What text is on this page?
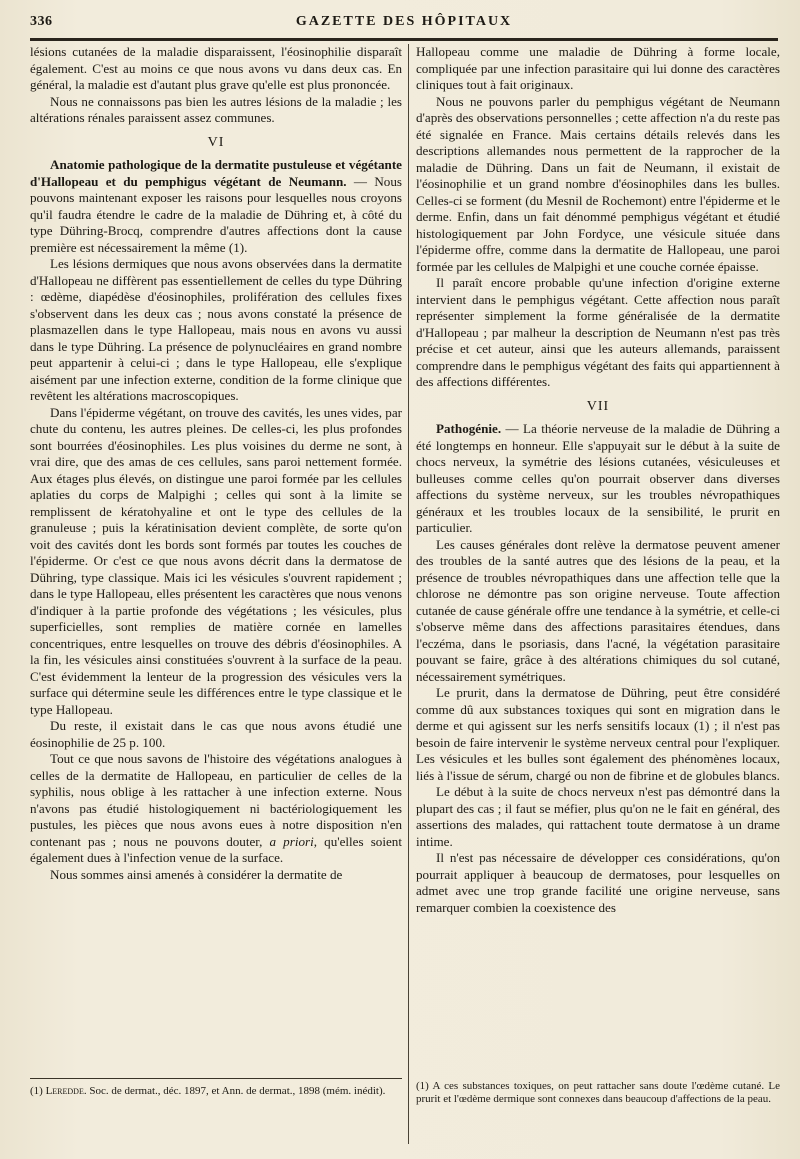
336	GAZETTE DES HÔPITAUX

lésions cutanées de la maladie disparaissent, l'éosinophilie disparaît également. C'est au moins ce que nous avons vu dans deux cas. En général, la maladie est d'autant plus grave qu'elle est plus prononcée.

Nous ne connaissons pas bien les autres lésions de la maladie ; les altérations rénales paraissent assez communes.

VI

Anatomie pathologique de la dermatite pustuleuse et végétante d'Hallopeau et du pemphigus végétant de Neumann. — Nous pouvons maintenant exposer les raisons pour lesquelles nous croyons qu'il faudra étendre le cadre de la maladie de Dühring et, à côté du type Dühring-Brocq, comprendre d'autres affections dont la cause première est nécessairement la même (1).

Les lésions dermiques que nous avons observées dans la dermatite d'Hallopeau ne diffèrent pas essentiellement de celles du type Dühring : œdème, diapédèse d'éosinophiles, prolifération des cellules fixes s'observent dans les deux cas ; nous avons constaté la présence de plasmazellen dans le type Hallopeau, mais nous en avons vu aussi dans le type Dühring. La présence de polynucléaires en grand nombre peut appartenir à celui-ci ; dans le type Hallopeau, elle s'explique aisément par une infection externe, condition de la forme clinique que revêtent les altérations macroscopiques.

Dans l'épiderme végétant, on trouve des cavités, les unes vides, par chute du contenu, les autres pleines. De celles-ci, les plus profondes sont bourrées d'éosinophiles. Les plus voisines du derme ne sont, à vrai dire, que des amas de ces cellules, sans paroi nettement formée. Aux étages plus élevés, on distingue une paroi formée par les cellules aplaties du corps de Malpighi ; celles qui sont à la limite se remplissent de kératohyaline et ont le type des cellules de la granuleuse ; puis la kératinisation devient complète, de sorte qu'on voit des cavités dont les bords sont formés par toutes les couches de l'épiderme. Or c'est ce que nous avons décrit dans la dermatose de Dühring, type classique. Mais ici les vésicules s'ouvrent rapidement ; dans le type Hallopeau, elles présentent les caractères que nous venons d'indiquer à la partie profonde des végétations ; les vésicules, plus superficielles, sont remplies de matière cornée en lamelles concentriques, entre lesquelles on trouve des débris d'éosinophiles. A la fin, les vésicules ainsi constituées s'ouvrent à la surface de la peau. C'est évidemment la lenteur de la progression des vésicules vers la surface qui détermine seule les différences entre le type classique et le type Hallopeau.

Du reste, il existait dans le cas que nous avons étudié une éosinophilie de 25 p. 100.

Tout ce que nous savons de l'histoire des végétations analogues à celles de la dermatite de Hallopeau, en particulier de celles de la syphilis, nous oblige à les rattacher à une infection externe. Nous n'avons pas étudié histologiquement ni bactériologiquement les pustules, les pièces que nous avons eues à notre disposition n'en contenant pas ; nous ne pouvons douter, a priori, qu'elles soient également dues à l'infection venue de la surface.

Nous sommes ainsi amenés à considérer la dermatite de

Hallopeau comme une maladie de Dühring à forme locale, compliquée par une infection parasitaire qui lui donne des caractères cliniques tout à fait originaux.

Nous ne pouvons parler du pemphigus végétant de Neumann d'après des observations personnelles ; cette affection n'a du reste pas été signalée en France. Mais certains détails relevés dans les descriptions allemandes nous permettent de la rapprocher de la maladie de Dühring. Dans un fait de Neumann, il existait de l'éosinophilie et un grand nombre d'éosinophiles dans les bulles. Celles-ci se forment (du Mesnil de Rochemont) entre l'épiderme et le derme. Enfin, dans un fait dénommé pemphigus végétant et étudié histologiquement par John Fordyce, une vésicule située dans l'épiderme offre, comme dans la dermatite de Hallopeau, une paroi formée par les cellules de Malpighi et une couche cornée épaisse.

Il paraît encore probable qu'une infection d'origine externe intervient dans le pemphigus végétant. Cette affection nous paraît représenter simplement la forme généralisée de la dermatite d'Hallopeau ; par malheur la description de Neumann n'est pas très précise et cet auteur, ainsi que les auteurs allemands, paraissent comprendre dans le pemphigus végétant des faits qui appartiennent à des affections différentes.

VII

Pathogénie. — La théorie nerveuse de la maladie de Dühring a été longtemps en honneur. Elle s'appuyait sur le début à la suite de chocs nerveux, la symétrie des lésions cutanées, vésiculeuses et bulleuses comme celles qu'on pourrait observer dans diverses affections du système nerveux, sur les troubles névropathiques généraux et les troubles locaux de la sensibilité, le prurit en particulier.

Les causes générales dont relève la dermatose peuvent amener des troubles de la santé autres que des lésions de la peau, et la présence de troubles névropathiques dans une affection telle que la chlorose ne démontre pas son origine nerveuse. Toute affection cutanée de cause générale offre une tendance à la symétrie, et celle-ci s'observe même dans des affections parasitaires étendues, dans l'eczéma, dans le psoriasis, dans l'acné, la végétation parasitaire pouvant se faire, grâce à des altérations chimiques du sol cutané, nécessairement symétriques.

Le prurit, dans la dermatose de Dühring, peut être considéré comme dû aux substances toxiques qui sont en migration dans le derme et qui agissent sur les nerfs sensitifs locaux (1) ; il n'est pas besoin de faire intervenir le système nerveux central pour l'expliquer. Les vésicules et les bulles sont également des phénomènes locaux, liés à l'issue de sérum, chargé ou non de fibrine et de globules blancs.

Le début à la suite de chocs nerveux n'est pas démontré dans la plupart des cas ; il faut se méfier, plus qu'on ne le fait en général, des assertions des malades, qui rattachent toute dermatose à un drame intime.

Il n'est pas nécessaire de développer ces considérations, qu'on pourrait appliquer à beaucoup de dermatoses, pour lesquelles on admet avec une trop grande facilité une origine nerveuse, sans remarquer combien la coexistence des

(1) Leredde. Soc. de dermat., déc. 1897, et Ann. de dermat., 1898 (mém. inédit).	(1) A ces substances toxiques, on peut rattacher sans doute l'œdème cutané. Le prurit et l'œdème dermique sont connexes dans beaucoup d'affections de la peau.
